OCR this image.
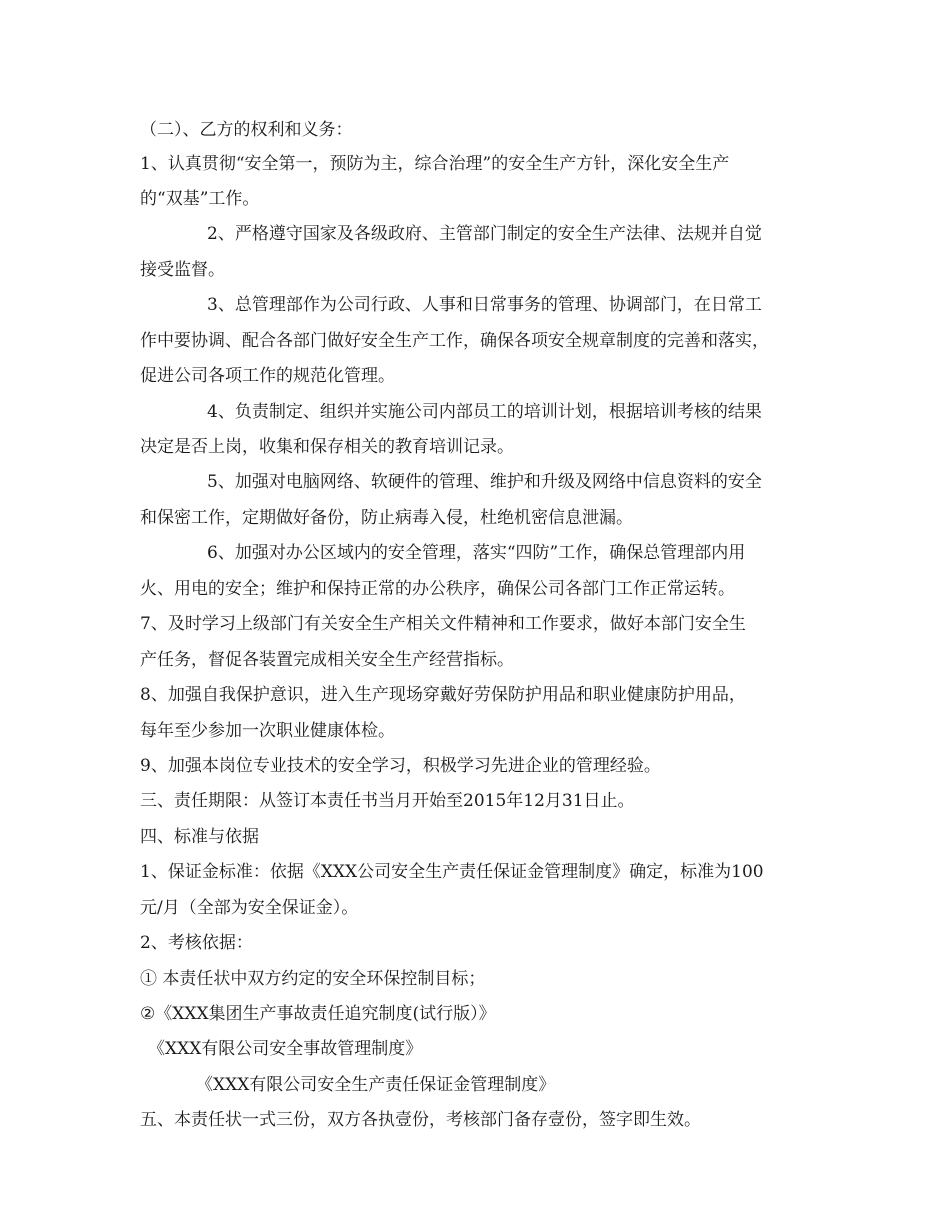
（二）、乙方的权利和义务：

1、认真贯彻“安全第一，预防为主，综合治理”的安全生产方针，深化安全生产

的“双基”工作。

2、严格遵守国家及各级政府、主管部门制定的安全生产法律、法规并自觉

接受监督。

3、总管理部作为公司行政、人事和日常事务的管理、协调部门，在日常工

作中要协调、配合各部门做好安全生产工作，确保各项安全规章制度的完善和落实，

促进公司各项工作的规范化管理。

4、负责制定、组织并实施公司内部员工的培训计划，根据培训考核的结果

决定是否上岗，收集和保存相关的教育培训记录。

5、加强对电脑网络、软硬件的管理、维护和升级及网络中信息资料的安全

和保密工作，定期做好备份，防止病毒入侵，杜绝机密信息泄漏。

6、加强对办公区域内的安全管理，落实“四防”工作，确保总管理部内用

火、用电的安全；维护和保持正常的办公秩序，确保公司各部门工作正常运转。

7、及时学习上级部门有关安全生产相关文件精神和工作要求，做好本部门安全生

产任务，督促各装置完成相关安全生产经营指标。

8、加强自我保护意识，进入生产现场穿戴好劳保防护用品和职业健康防护用品，

每年至少参加一次职业健康体检。

9、加强本岗位专业技术的安全学习，积极学习先进企业的管理经验。

三、责任期限：从签订本责任书当月开始至2015年12月31日止。

四、标准与依据

1、保证金标准：依据《XXX公司安全生产责任保证金管理制度》确定，标准为100

元/月（全部为安全保证金）。

2、考核依据：

① 本责任状中双方约定的安全环保控制目标；

②《XXX集团生产事故责任追究制度(试行版）》

《XXX有限公司安全事故管理制度》

《XXX有限公司安全生产责任保证金管理制度》

五、本责任状一式三份，双方各执壹份，考核部门备存壹份，签字即生效。
